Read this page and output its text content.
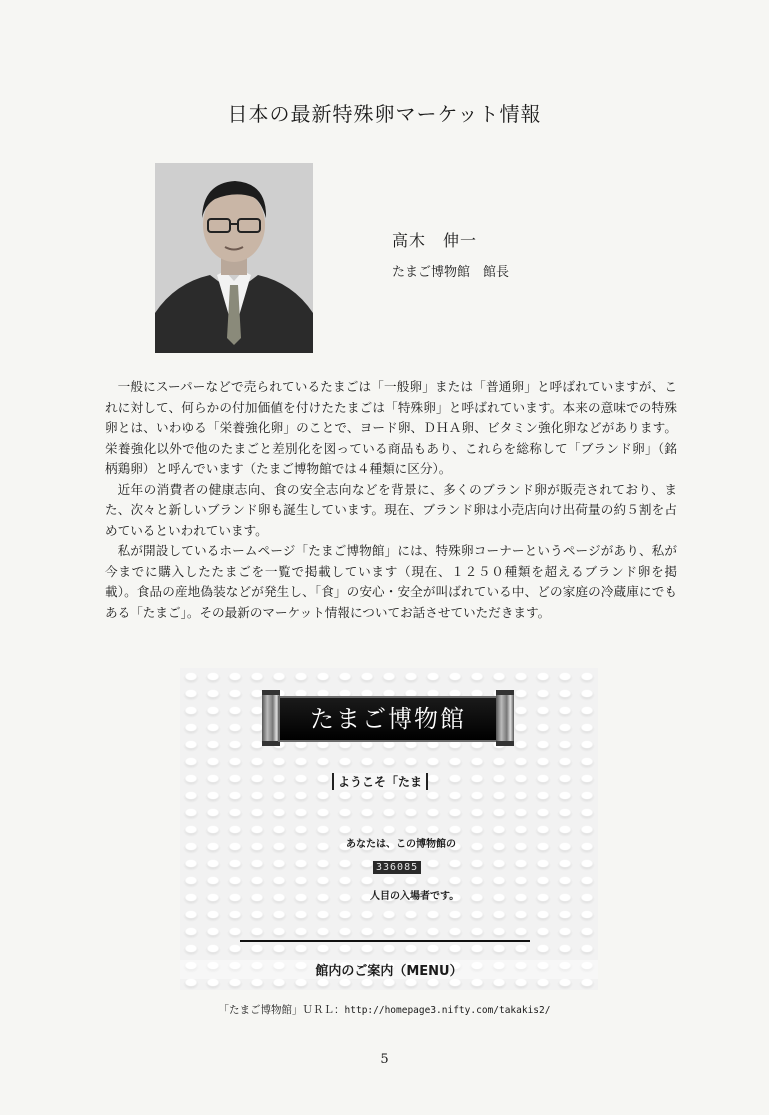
日本の最新特殊卵マーケット情報
高木　伸一
たまご博物館　館長

一般にスーパーなどで売られているたまごは「一般卵」または「普通卵」と呼ばれていますが、これに対して、何らかの付加価値を付けたたまごは「特殊卵」と呼ばれています。本来の意味での特殊卵とは、いわゆる「栄養強化卵」のことで、ヨード卵、ＤＨＡ卵、ビタミン強化卵などがあります。栄養強化以外で他のたまごと差別化を図っている商品もあり、これらを総称して「ブランド卵」（銘柄鶏卵）と呼んでいます（たまご博物館では４種類に区分）。

近年の消費者の健康志向、食の安全志向などを背景に、多くのブランド卵が販売されており、また、次々と新しいブランド卵も誕生しています。現在、ブランド卵は小売店向け出荷量の約５割を占めているといわれています。

私が開設しているホームページ「たまご博物館」には、特殊卵コーナーというページがあり、私が今までに購入したたまごを一覧で掲載しています（現在、１２５０種類を超えるブランド卵を掲載）。食品の産地偽装などが発生し、「食」の安心・安全が叫ばれている中、どの家庭の冷蔵庫にでもある「たまご」。その最新のマーケット情報についてお話させていただきます。

たまご博物館
ようこそ「たま
あなたは、この博物館の
336085
人目の入場者です。
館内のご案内（MENU）
「たまご博物館」ＵＲＬ：http://homepage3.nifty.com/takakis2/
5
